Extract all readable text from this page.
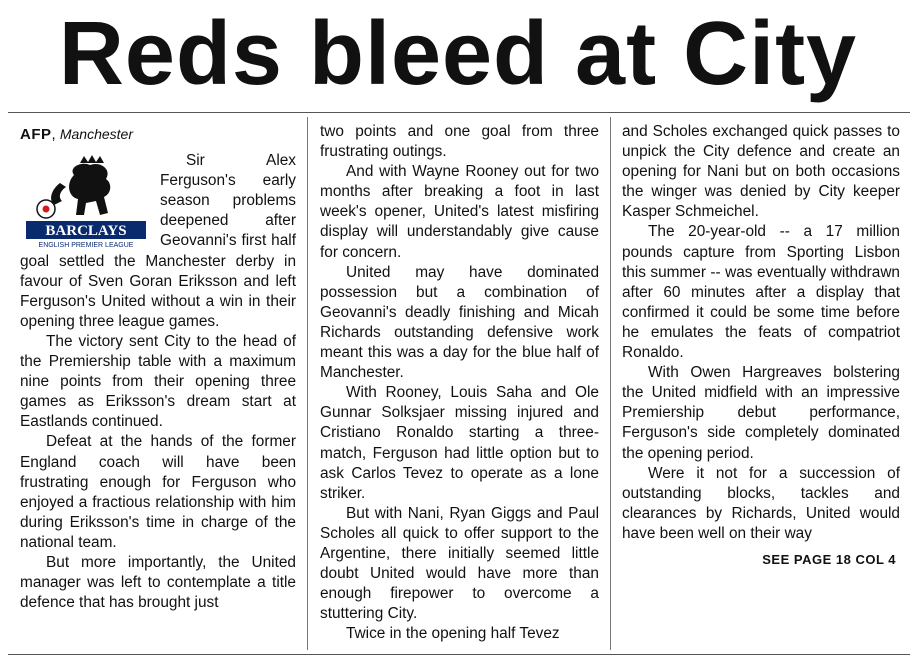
Reds bleed at City
AFP, Manchester
BARCLAYS
ENGLISH PREMIER LEAGUE

Sir Alex Ferguson's early season problems deepened after Geovanni's first half goal settled the Manchester derby in favour of Sven Goran Eriksson and left Ferguson's United without a win in their opening three league games.

The victory sent City to the head of the Premiership table with a maximum nine points from their opening three games as Eriksson's dream start at Eastlands continued.

Defeat at the hands of the former England coach will have been frustrating enough for Ferguson who enjoyed a fractious relationship with him during Eriksson's time in charge of the national team.

But more importantly, the United manager was left to contemplate a title defence that has brought just

two points and one goal from three frustrating outings.

And with Wayne Rooney out for two months after breaking a foot in last week's opener, United's latest misfiring display will understandably give cause for concern.

United may have dominated possession but a combination of Geovanni's deadly finishing and Micah Richards outstanding defensive work meant this was a day for the blue half of Manchester.

With Rooney, Louis Saha and Ole Gunnar Solksjaer missing injured and Cristiano Ronaldo starting a three-match, Ferguson had little option but to ask Carlos Tevez to operate as a lone striker.

But with Nani, Ryan Giggs and Paul Scholes all quick to offer support to the Argentine, there initially seemed little doubt United would have more than enough firepower to overcome a stuttering City.

Twice in the opening half Tevez

and Scholes exchanged quick passes to unpick the City defence and create an opening for Nani but on both occasions the winger was denied by City keeper Kasper Schmeichel.

The 20-year-old -- a 17 million pounds capture from Sporting Lisbon this summer -- was eventually withdrawn after 60 minutes after a display that confirmed it could be some time before he emulates the feats of compatriot Ronaldo.

With Owen Hargreaves bolstering the United midfield with an impressive Premiership debut performance, Ferguson's side completely dominated the opening period.

Were it not for a succession of outstanding blocks, tackles and clearances by Richards, United would have been well on their way

SEE PAGE 18 COL 4
